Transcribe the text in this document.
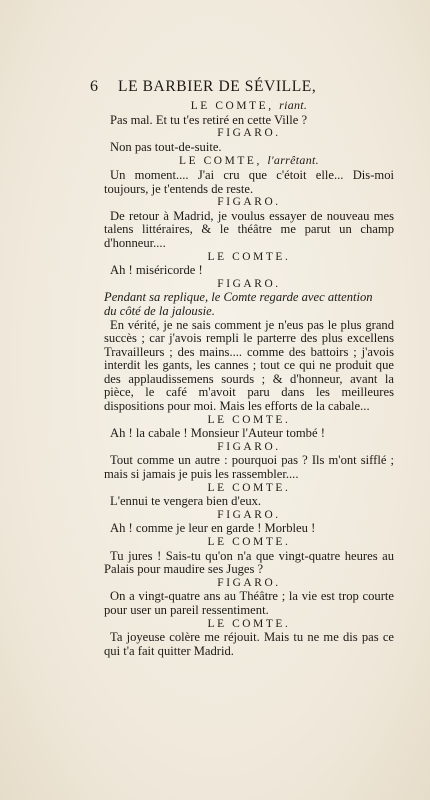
6	LE BARBIER DE SÉVILLE,
LE COMTE, riant.
Pas mal. Et tu t'es retiré en cette Ville ?
FIGARO.
Non pas tout-de-suite.
LE COMTE, l'arrêtant.
Un moment.... J'ai cru que c'étoit elle... Dis-moi toujours, je t'entends de reste.
FIGARO.
De retour à Madrid, je voulus essayer de nouveau mes talens littéraires, & le théâtre me parut un champ d'honneur....
LE COMTE.
Ah ! miséricorde !
FIGARO.
Pendant sa replique, le Comte regarde avec attention
du côté de la jalousie.
En vérité, je ne sais comment je n'eus pas le plus grand succès ; car j'avois rempli le parterre des plus excellens Travailleurs ; des mains.... comme des battoirs ; j'avois interdit les gants, les cannes ; tout ce qui ne produit que des applaudissemens sourds ; & d'honneur, avant la pièce, le café m'avoit paru dans les meilleures dispositions pour moi. Mais les efforts de la cabale...
LE COMTE.
Ah ! la cabale ! Monsieur l'Auteur tombé !
FIGARO.
Tout comme un autre : pourquoi pas ? Ils m'ont sifflé ; mais si jamais je puis les rassembler....
LE COMTE.
L'ennui te vengera bien d'eux.
FIGARO.
Ah ! comme je leur en garde ! Morbleu !
LE COMTE.
Tu jures ! Sais-tu qu'on n'a que vingt-quatre heures au Palais pour maudire ses Juges ?
FIGARO.
On a vingt-quatre ans au Théâtre ; la vie est trop courte pour user un pareil ressentiment.
LE COMTE.
Ta joyeuse colère me réjouit. Mais tu ne me dis pas ce qui t'a fait quitter Madrid.
